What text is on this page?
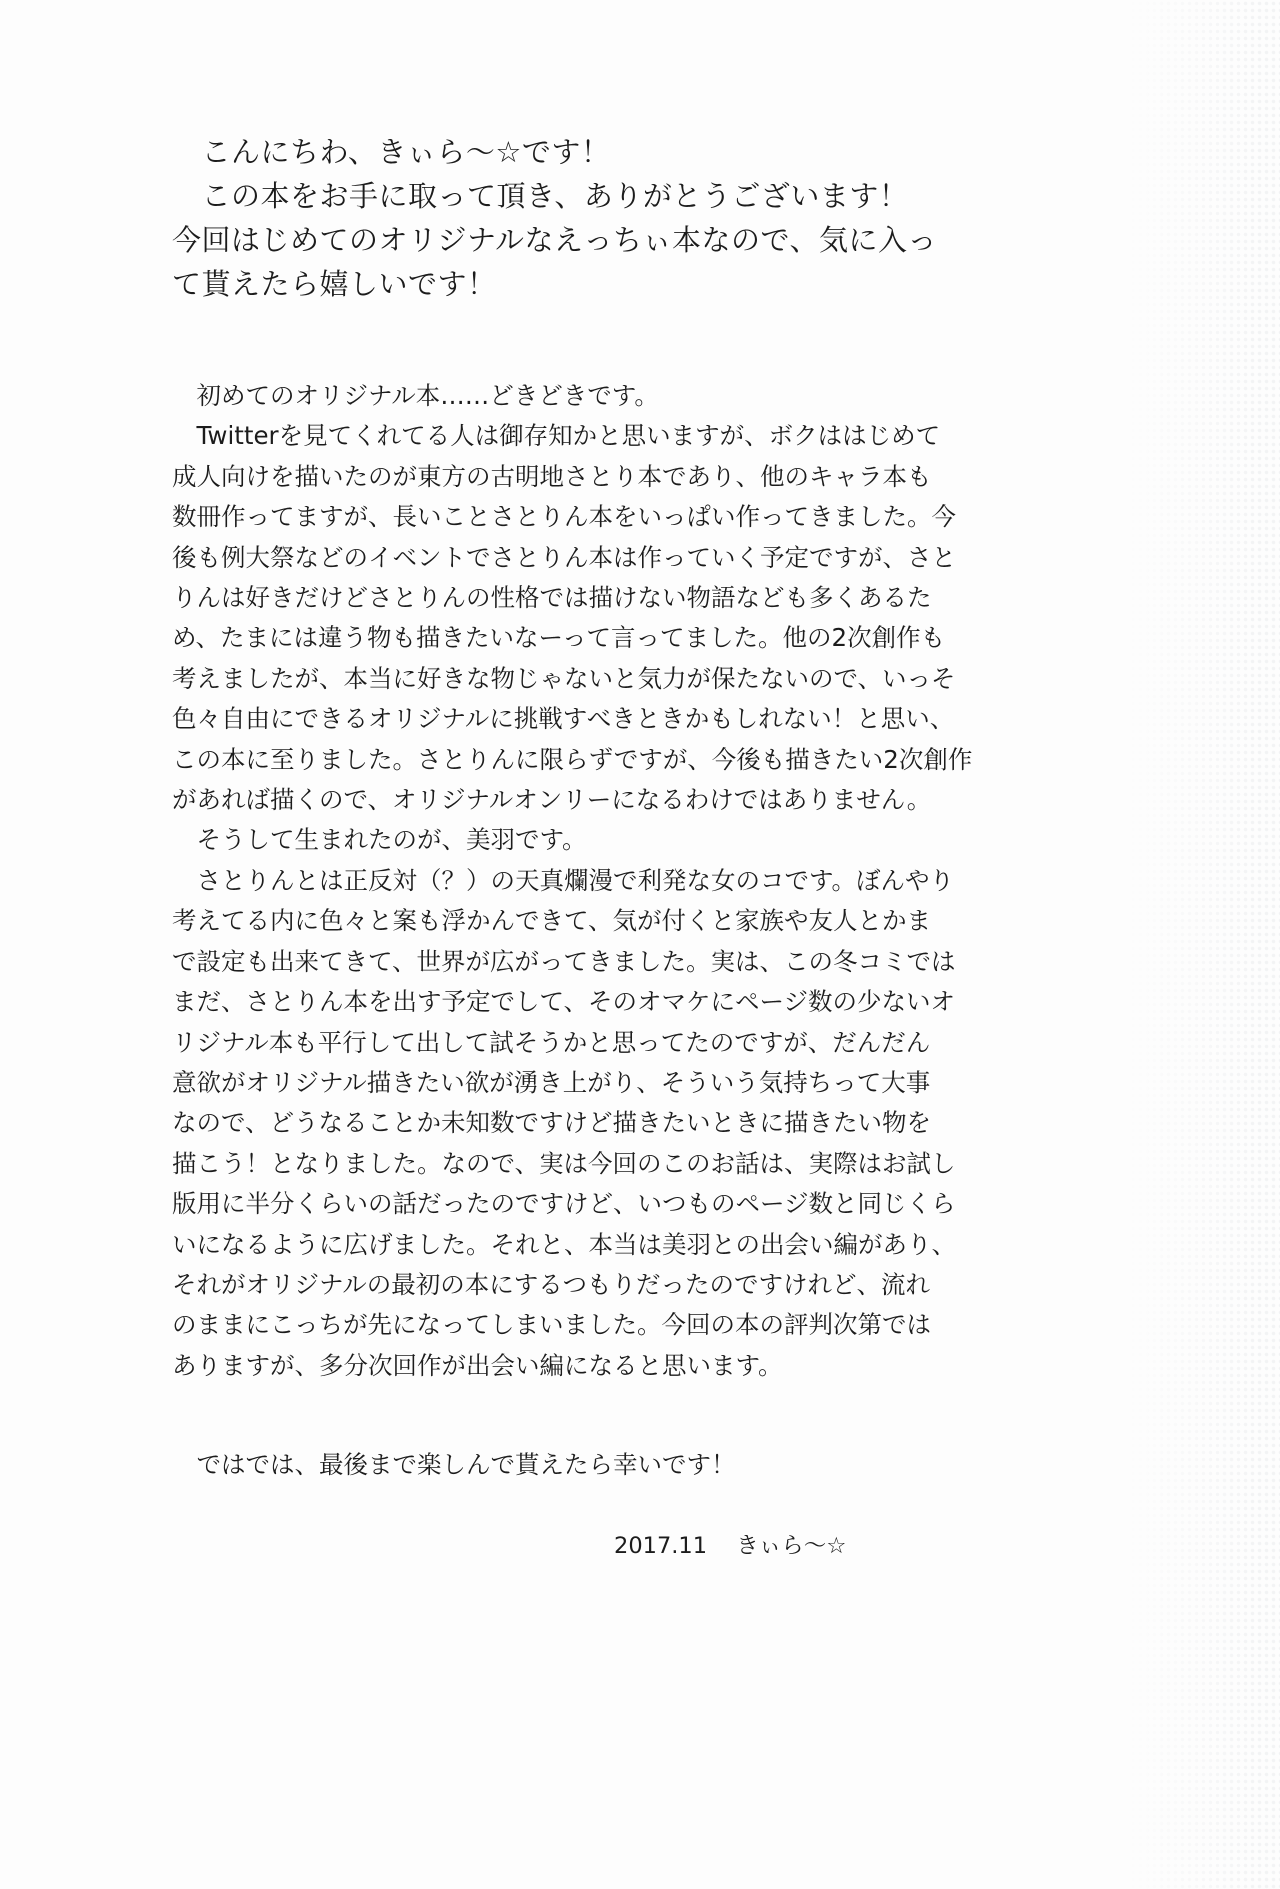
　こんにちわ、きぃら～☆です！
　この本をお手に取って頂き、ありがとうございます！
今回はじめてのオリジナルなえっちぃ本なので、気に入っ
て貰えたら嬉しいです！
　初めてのオリジナル本……どきどきです。
　Twitterを見てくれてる人は御存知かと思いますが、ボクははじめて
成人向けを描いたのが東方の古明地さとり本であり、他のキャラ本も
数冊作ってますが、長いことさとりん本をいっぱい作ってきました。今
後も例大祭などのイベントでさとりん本は作っていく予定ですが、さと
りんは好きだけどさとりんの性格では描けない物語なども多くあるた
め、たまには違う物も描きたいなーって言ってました。他の2次創作も
考えましたが、本当に好きな物じゃないと気力が保たないので、いっそ
色々自由にできるオリジナルに挑戦すべきときかもしれない！と思い、
この本に至りました。さとりんに限らずですが、今後も描きたい2次創作
があれば描くので、オリジナルオンリーになるわけではありません。
　そうして生まれたのが、美羽です。
　さとりんとは正反対（？）の天真爛漫で利発な女のコです。ぼんやり
考えてる内に色々と案も浮かんできて、気が付くと家族や友人とかま
で設定も出来てきて、世界が広がってきました。実は、この冬コミでは
まだ、さとりん本を出す予定でして、そのオマケにページ数の少ないオ
リジナル本も平行して出して試そうかと思ってたのですが、だんだん
意欲がオリジナル描きたい欲が湧き上がり、そういう気持ちって大事
なので、どうなることか未知数ですけど描きたいときに描きたい物を
描こう！となりました。なので、実は今回のこのお話は、実際はお試し
版用に半分くらいの話だったのですけど、いつものページ数と同じくら
いになるように広げました。それと、本当は美羽との出会い編があり、
それがオリジナルの最初の本にするつもりだったのですけれど、流れ
のままにこっちが先になってしまいました。今回の本の評判次第では
ありますが、多分次回作が出会い編になると思います。
　ではでは、最後まで楽しんで貰えたら幸いです！
2017.11 きぃら～☆
